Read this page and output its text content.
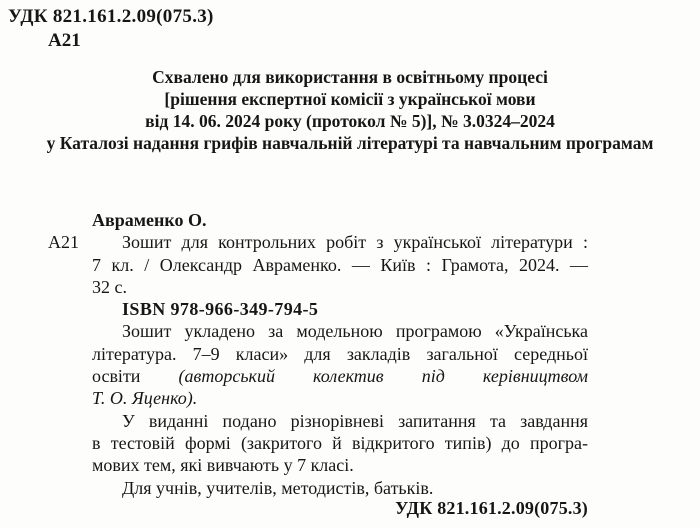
УДК 821.161.2.09(075.3)
А21
Схвалено для використання в освітньому процесі
[рішення експертної комісії з української мови
від 14. 06. 2024 року (протокол № 5)], № 3.0324–2024
у Каталозі надання грифів навчальній літературі та навчальним програмам
А21
Авраменко О.
Зошит для контрольних робіт з української літератури :
7 кл. / Олександр Авраменко. — Київ : Грамота, 2024. —
32 с.
ISBN 978-966-349-794-5
Зошит укладено за модельною програмою «Українська
література. 7–9 класи» для закладів загальної середньої
освіти (авторський колектив під керівництвом
Т. О. Яценко).
У виданні подано різнорівневі запитання та завдання
в тестовій формі (закритого й відкритого типів) до програ-
мових тем, які вивчають у 7 класі.
Для учнів, учителів, методистів, батьків.
УДК 821.161.2.09(075.3)
